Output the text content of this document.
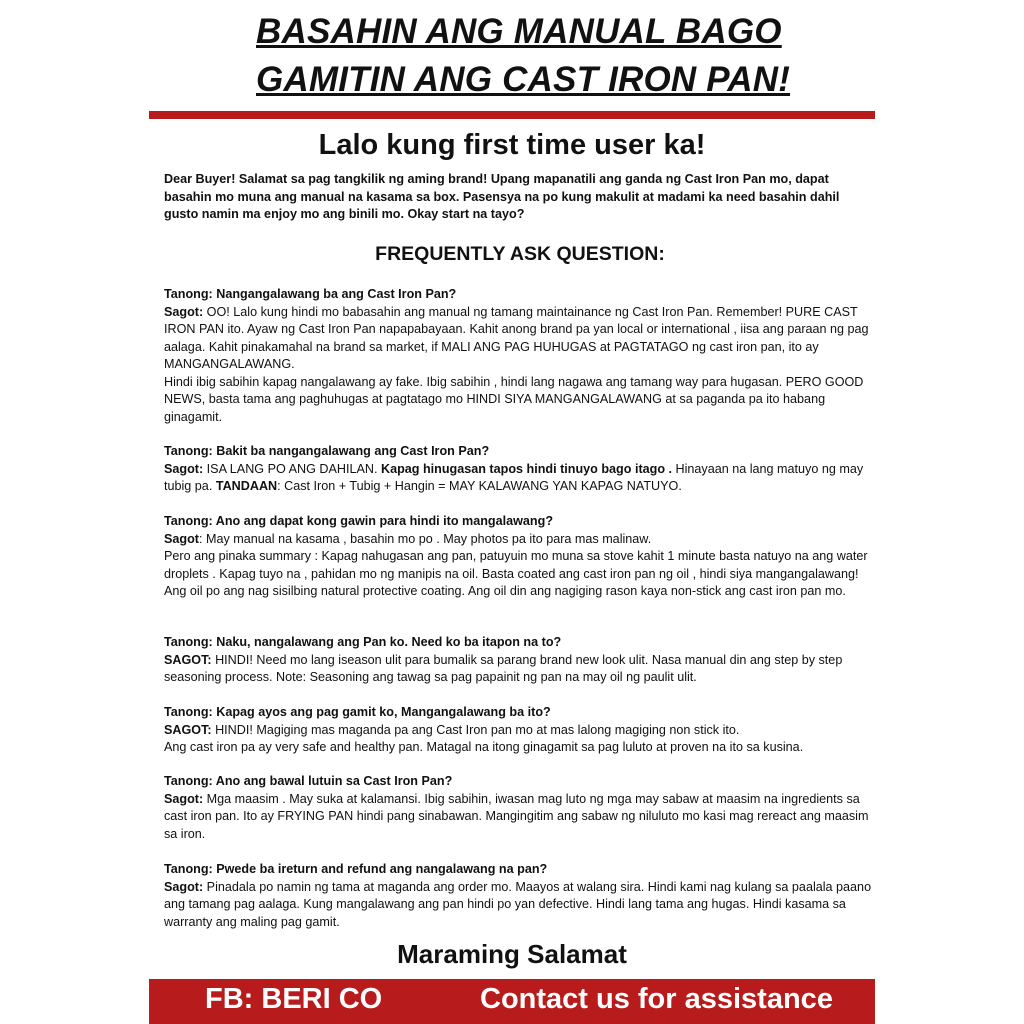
BASAHIN ANG MANUAL BAGO
GAMITIN ANG CAST IRON PAN!
Lalo kung first time user ka!
Dear Buyer! Salamat sa pag tangkilik ng aming brand! Upang mapanatili ang ganda ng Cast Iron Pan mo, dapat basahin mo muna ang manual na kasama sa box. Pasensya na po kung makulit at madami ka need basahin dahil gusto namin ma enjoy mo ang binili mo. Okay start na tayo?
FREQUENTLY ASK QUESTION:
Tanong: Nangangalawang ba ang Cast Iron Pan?
Sagot: OO! Lalo kung hindi mo babasahin ang manual ng tamang maintainance ng Cast Iron Pan. Remember! PURE CAST IRON PAN ito. Ayaw ng Cast Iron Pan napapabayaan. Kahit anong brand pa yan local or international , iisa ang paraan ng pag aalaga. Kahit pinakamahal na brand sa market, if MALI ANG PAG HUHUGAS at PAGTATAGO ng cast iron pan, ito ay MANGANGALAWANG.
Hindi ibig sabihin kapag nangalawang ay fake. Ibig sabihin , hindi lang nagawa ang tamang way para hugasan. PERO GOOD NEWS, basta tama ang paghuhugas at pagtatago mo HINDI SIYA MANGANGALAWANG at sa paganda pa ito habang ginagamit.
Tanong: Bakit ba nangangalawang ang Cast Iron Pan?
Sagot: ISA LANG PO ANG DAHILAN. Kapag hinugasan tapos hindi tinuyo bago itago . Hinayaan na lang matuyo ng may tubig pa. TANDAAN: Cast Iron + Tubig + Hangin = MAY KALAWANG YAN KAPAG NATUYO.
Tanong: Ano ang dapat kong gawin para hindi ito mangalawang?
Sagot: May manual na kasama , basahin mo po . May photos pa ito para mas malinaw.
Pero ang pinaka summary : Kapag nahugasan ang pan, patuyuin mo muna sa stove kahit 1 minute basta natuyo na ang water droplets . Kapag tuyo na , pahidan mo ng manipis na oil. Basta coated ang cast iron pan ng oil , hindi siya mangangalawang! Ang oil po ang nag sisilbing natural protective coating. Ang oil din ang nagiging rason kaya non-stick ang cast iron pan mo.
Tanong: Naku, nangalawang ang Pan ko. Need ko ba itapon na to?
SAGOT: HINDI! Need mo lang iseason ulit para bumalik sa parang brand new look ulit. Nasa manual din ang step by step seasoning process. Note: Seasoning ang tawag sa pag papainit ng pan na may oil ng paulit ulit.
Tanong: Kapag ayos ang pag gamit ko, Mangangalawang ba ito?
SAGOT: HINDI! Magiging mas maganda pa ang Cast Iron pan mo at mas lalong magiging non stick ito.
Ang cast iron pa ay very safe and healthy pan. Matagal na itong ginagamit sa pag luluto at proven na ito sa kusina.
Tanong: Ano ang bawal lutuin sa Cast Iron Pan?
Sagot: Mga maasim . May suka at kalamansi. Ibig sabihin, iwasan mag luto ng mga may sabaw at maasim na ingredients sa cast iron pan. Ito ay FRYING PAN hindi pang sinabawan. Mangingitim ang sabaw ng niluluto mo kasi mag rereact ang maasim sa iron.
Tanong: Pwede ba ireturn and refund ang nangalawang na pan?
Sagot: Pinadala po namin ng tama at maganda ang order mo. Maayos at walang sira. Hindi kami nag kulang sa paalala paano ang tamang pag aalaga. Kung mangalawang ang pan hindi po yan defective. Hindi lang tama ang hugas. Hindi kasama sa warranty ang maling pag gamit.
Maraming Salamat
FB: BERI CO	Contact us for assistance
